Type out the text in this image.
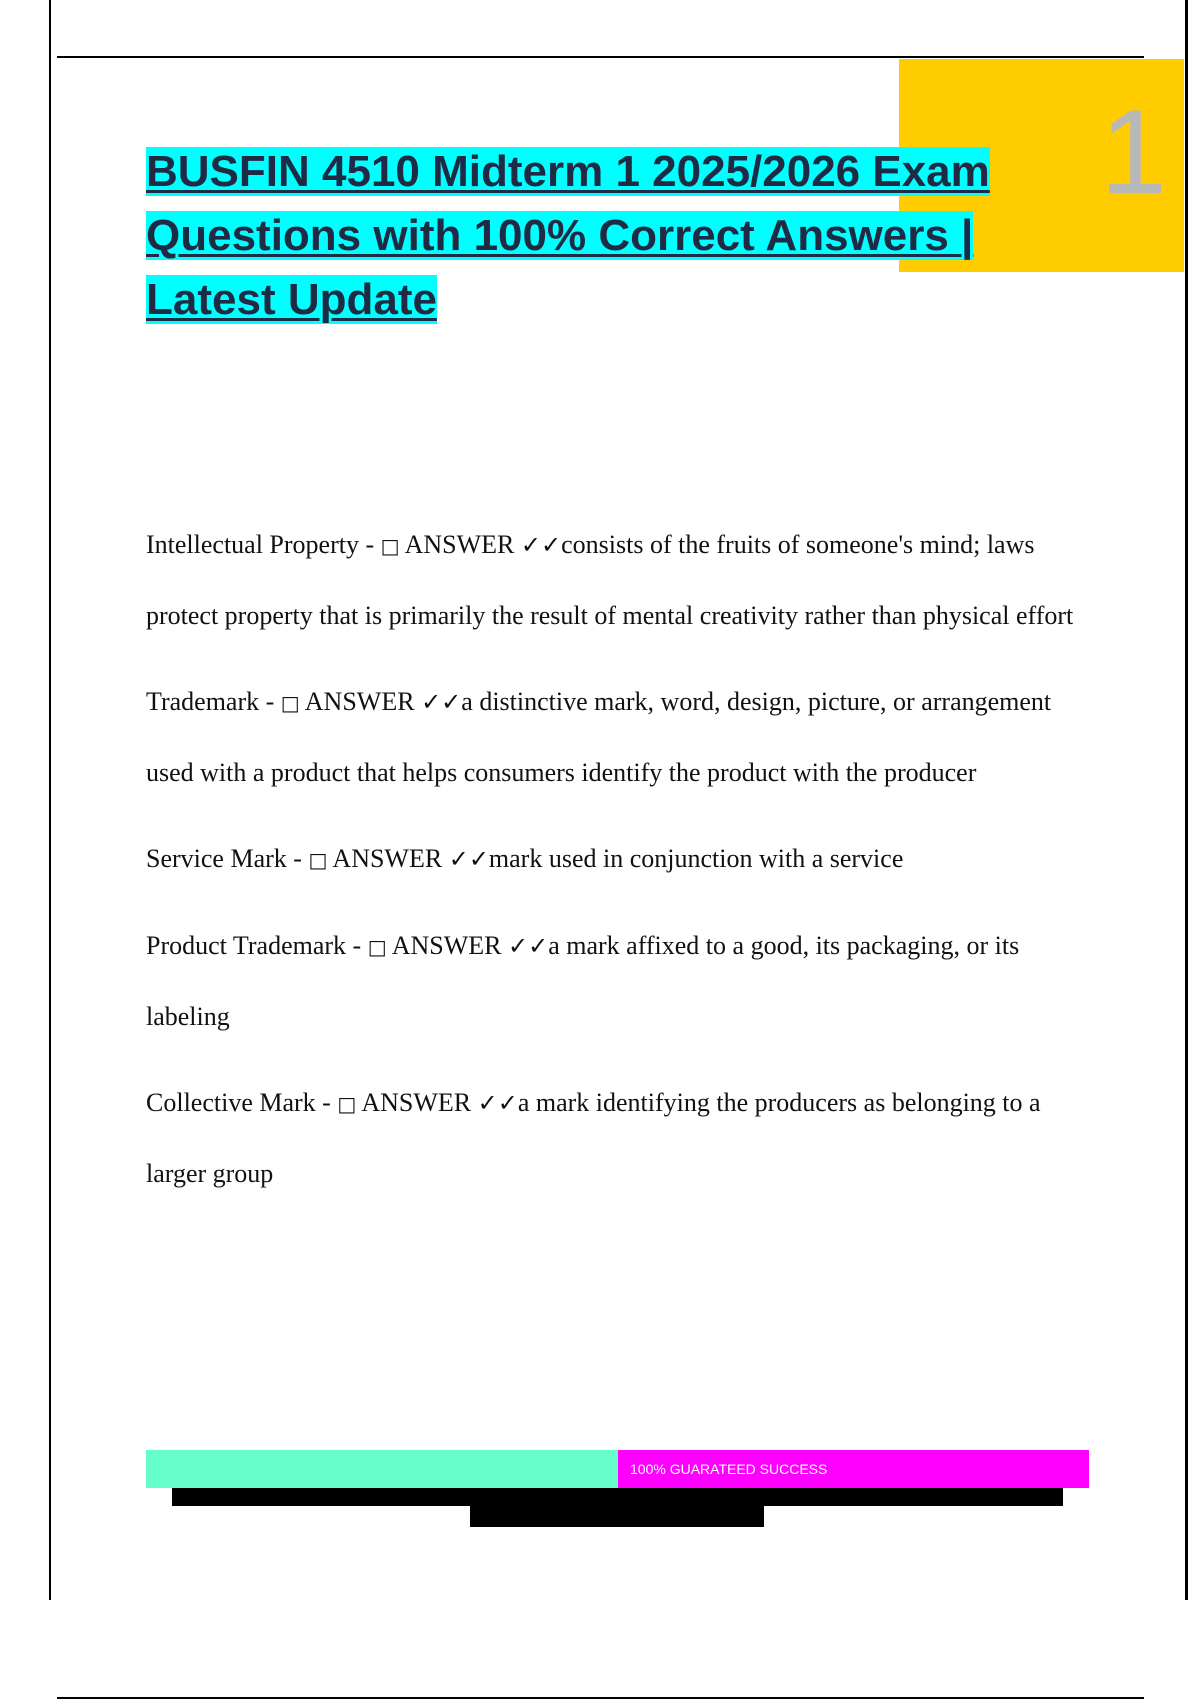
1
BUSFIN 4510 Midterm 1 2025/2026 Exam Questions with 100% Correct Answers | Latest Update

Intellectual Property - □ ANSWER ✓✓consists of the fruits of someone's mind; laws protect property that is primarily the result of mental creativity rather than physical effort

Trademark - □ ANSWER ✓✓a distinctive mark, word, design, picture, or arrangement used with a product that helps consumers identify the product with the producer

Service Mark - □ ANSWER ✓✓mark used in conjunction with a service

Product Trademark - □ ANSWER ✓✓a mark affixed to a good, its packaging, or its labeling

Collective Mark - □ ANSWER ✓✓a mark identifying the producers as belonging to a larger group

100% GUARATEED SUCCESS
